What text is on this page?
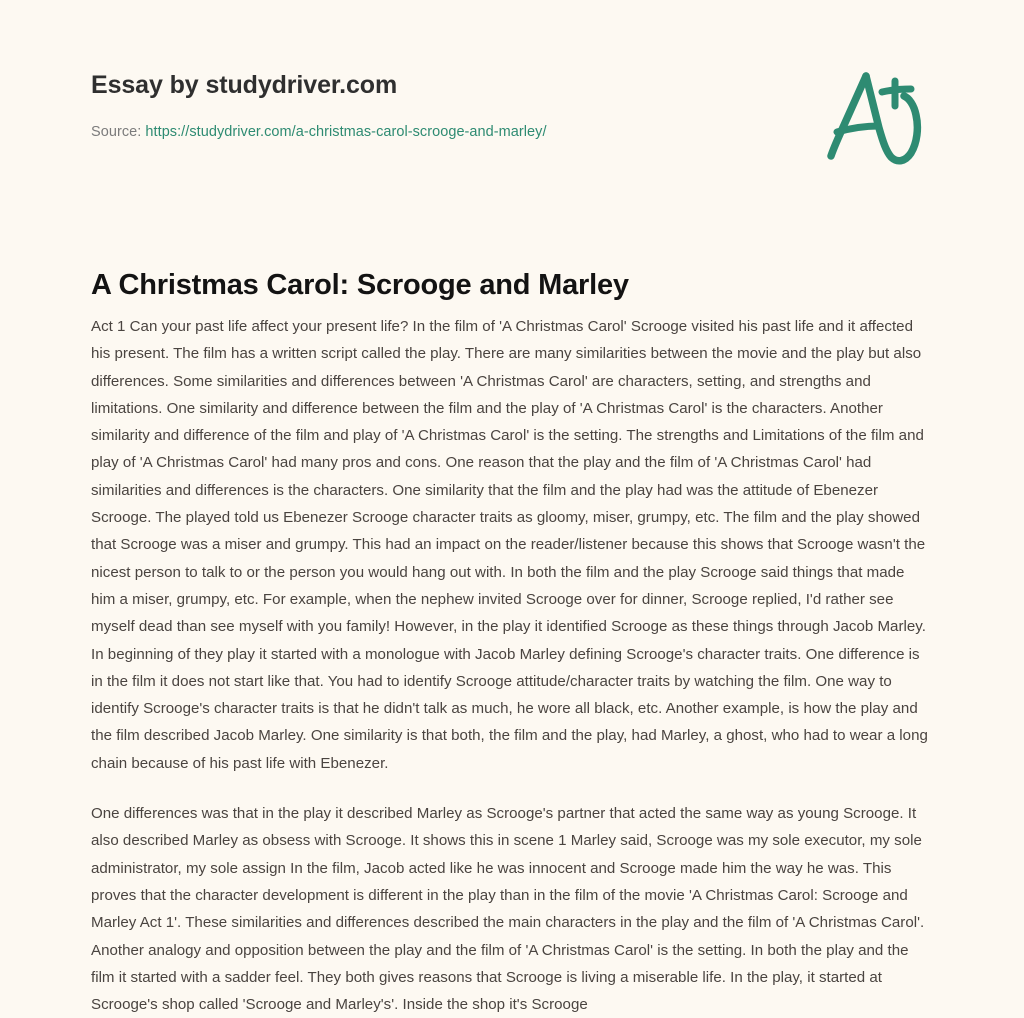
Essay by studydriver.com
Source: https://studydriver.com/a-christmas-carol-scrooge-and-marley/
A Christmas Carol: Scrooge and Marley

Act 1 Can your past life affect your present life? In the film of 'A Christmas Carol' Scrooge visited his past life and it affected his present. The film has a written script called the play. There are many similarities between the movie and the play but also differences. Some similarities and differences between 'A Christmas Carol' are characters, setting, and strengths and limitations. One similarity and difference between the film and the play of 'A Christmas Carol' is the characters. Another similarity and difference of the film and play of 'A Christmas Carol' is the setting. The strengths and Limitations of the film and play of 'A Christmas Carol' had many pros and cons. One reason that the play and the film of 'A Christmas Carol' had similarities and differences is the characters. One similarity that the film and the play had was the attitude of Ebenezer Scrooge. The played told us Ebenezer Scrooge character traits as gloomy, miser, grumpy, etc. The film and the play showed that Scrooge was a miser and grumpy. This had an impact on the reader/listener because this shows that Scrooge wasn't the nicest person to talk to or the person you would hang out with. In both the film and the play Scrooge said things that made him a miser, grumpy, etc. For example, when the nephew invited Scrooge over for dinner, Scrooge replied, I'd rather see myself dead than see myself with you family! However, in the play it identified Scrooge as these things through Jacob Marley. In beginning of they play it started with a monologue with Jacob Marley defining Scrooge's character traits. One difference is in the film it does not start like that. You had to identify Scrooge attitude/character traits by watching the film. One way to identify Scrooge's character traits is that he didn't talk as much, he wore all black, etc. Another example, is how the play and the film described Jacob Marley. One similarity is that both, the film and the play, had Marley, a ghost, who had to wear a long chain because of his past life with Ebenezer.

One differences was that in the play it described Marley as Scrooge's partner that acted the same way as young Scrooge. It also described Marley as obsess with Scrooge. It shows this in scene 1 Marley said, Scrooge was my sole executor, my sole administrator, my sole assign In the film, Jacob acted like he was innocent and Scrooge made him the way he was. This proves that the character development is different in the play than in the film of the movie 'A Christmas Carol: Scrooge and Marley Act 1'. These similarities and differences described the main characters in the play and the film of 'A Christmas Carol'. Another analogy and opposition between the play and the film of 'A Christmas Carol' is the setting. In both the play and the film it started with a sadder feel. They both gives reasons that Scrooge is living a miserable life. In the play, it started at Scrooge's shop called 'Scrooge and Marley's'. Inside the shop it's Scrooge
